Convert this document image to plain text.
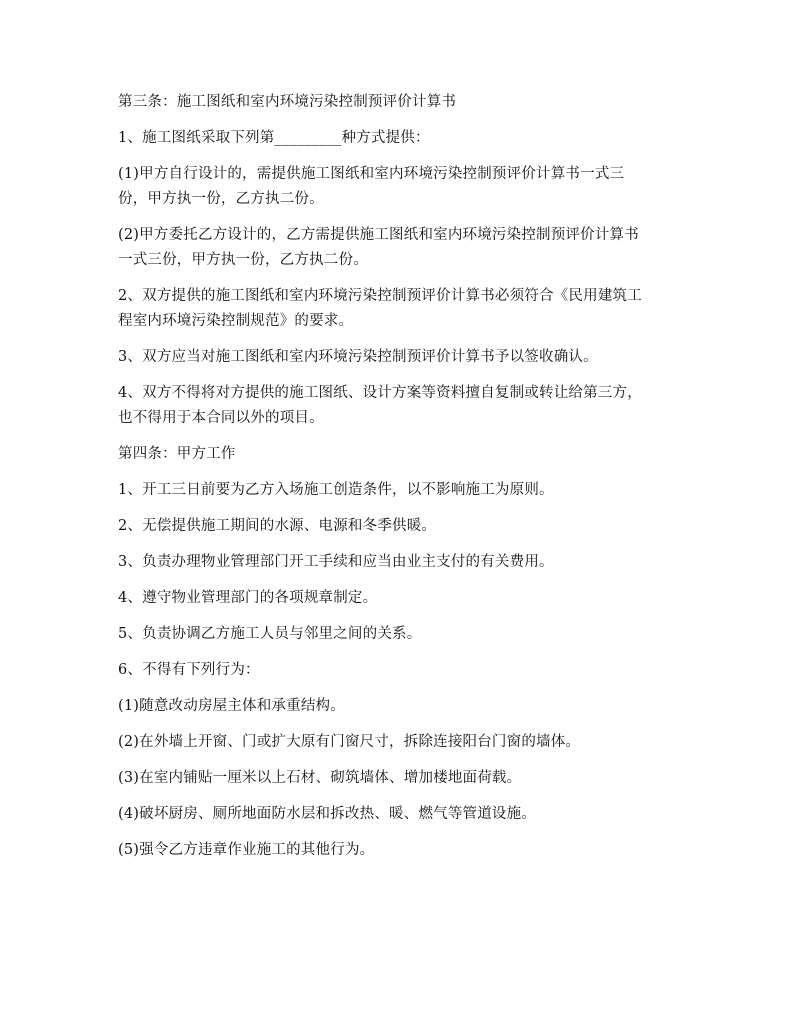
第三条：施工图纸和室内环境污染控制预评价计算书

1、施工图纸采取下列第_________种方式提供：

(1)甲方自行设计的，需提供施工图纸和室内环境污染控制预评价计算书一式三
份，甲方执一份，乙方执二份。

(2)甲方委托乙方设计的，乙方需提供施工图纸和室内环境污染控制预评价计算书
一式三份，甲方执一份，乙方执二份。

2、双方提供的施工图纸和室内环境污染控制预评价计算书必须符合《民用建筑工
程室内环境污染控制规范》的要求。

3、双方应当对施工图纸和室内环境污染控制预评价计算书予以签收确认。

4、双方不得将对方提供的施工图纸、设计方案等资料擅自复制或转让给第三方，
也不得用于本合同以外的项目。

第四条：甲方工作

1、开工三日前要为乙方入场施工创造条件，以不影响施工为原则。

2、无偿提供施工期间的水源、电源和冬季供暖。

3、负责办理物业管理部门开工手续和应当由业主支付的有关费用。

4、遵守物业管理部门的各项规章制定。

5、负责协调乙方施工人员与邻里之间的关系。

6、不得有下列行为：

(1)随意改动房屋主体和承重结构。

(2)在外墙上开窗、门或扩大原有门窗尺寸，拆除连接阳台门窗的墙体。

(3)在室内铺贴一厘米以上石材、砌筑墙体、增加楼地面荷载。

(4)破坏厨房、厕所地面防水层和拆改热、暖、燃气等管道设施。

(5)强令乙方违章作业施工的其他行为。
